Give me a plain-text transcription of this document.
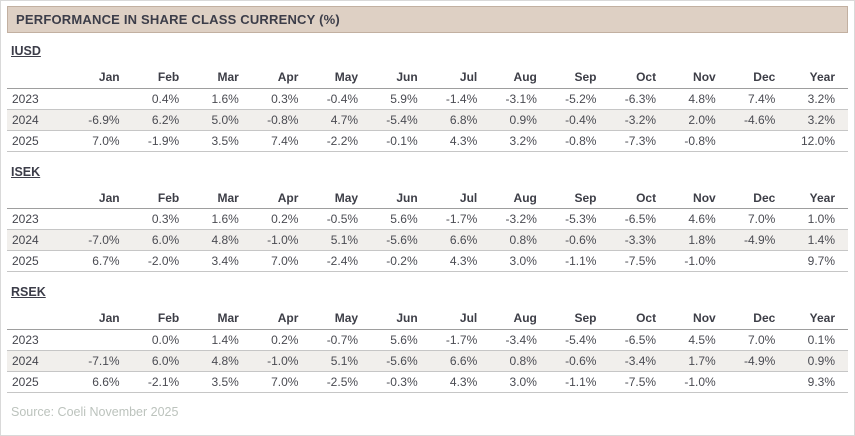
PERFORMANCE IN SHARE CLASS CURRENCY (%)
IUSD
	Jan	Feb	Mar	Apr	May	Jun	Jul	Aug	Sep	Oct	Nov	Dec	Year
2023		0.4%	1.6%	0.3%	-0.4%	5.9%	-1.4%	-3.1%	-5.2%	-6.3%	4.8%	7.4%	3.2%
2024	-6.9%	6.2%	5.0%	-0.8%	4.7%	-5.4%	6.8%	0.9%	-0.4%	-3.2%	2.0%	-4.6%	3.2%
2025	7.0%	-1.9%	3.5%	7.4%	-2.2%	-0.1%	4.3%	3.2%	-0.8%	-7.3%	-0.8%		12.0%
ISEK
	Jan	Feb	Mar	Apr	May	Jun	Jul	Aug	Sep	Oct	Nov	Dec	Year
2023		0.3%	1.6%	0.2%	-0.5%	5.6%	-1.7%	-3.2%	-5.3%	-6.5%	4.6%	7.0%	1.0%
2024	-7.0%	6.0%	4.8%	-1.0%	5.1%	-5.6%	6.6%	0.8%	-0.6%	-3.3%	1.8%	-4.9%	1.4%
2025	6.7%	-2.0%	3.4%	7.0%	-2.4%	-0.2%	4.3%	3.0%	-1.1%	-7.5%	-1.0%		9.7%
RSEK
	Jan	Feb	Mar	Apr	May	Jun	Jul	Aug	Sep	Oct	Nov	Dec	Year
2023		0.0%	1.4%	0.2%	-0.7%	5.6%	-1.7%	-3.4%	-5.4%	-6.5%	4.5%	7.0%	0.1%
2024	-7.1%	6.0%	4.8%	-1.0%	5.1%	-5.6%	6.6%	0.8%	-0.6%	-3.4%	1.7%	-4.9%	0.9%
2025	6.6%	-2.1%	3.5%	7.0%	-2.5%	-0.3%	4.3%	3.0%	-1.1%	-7.5%	-1.0%		9.3%
Source: Coeli November 2025
